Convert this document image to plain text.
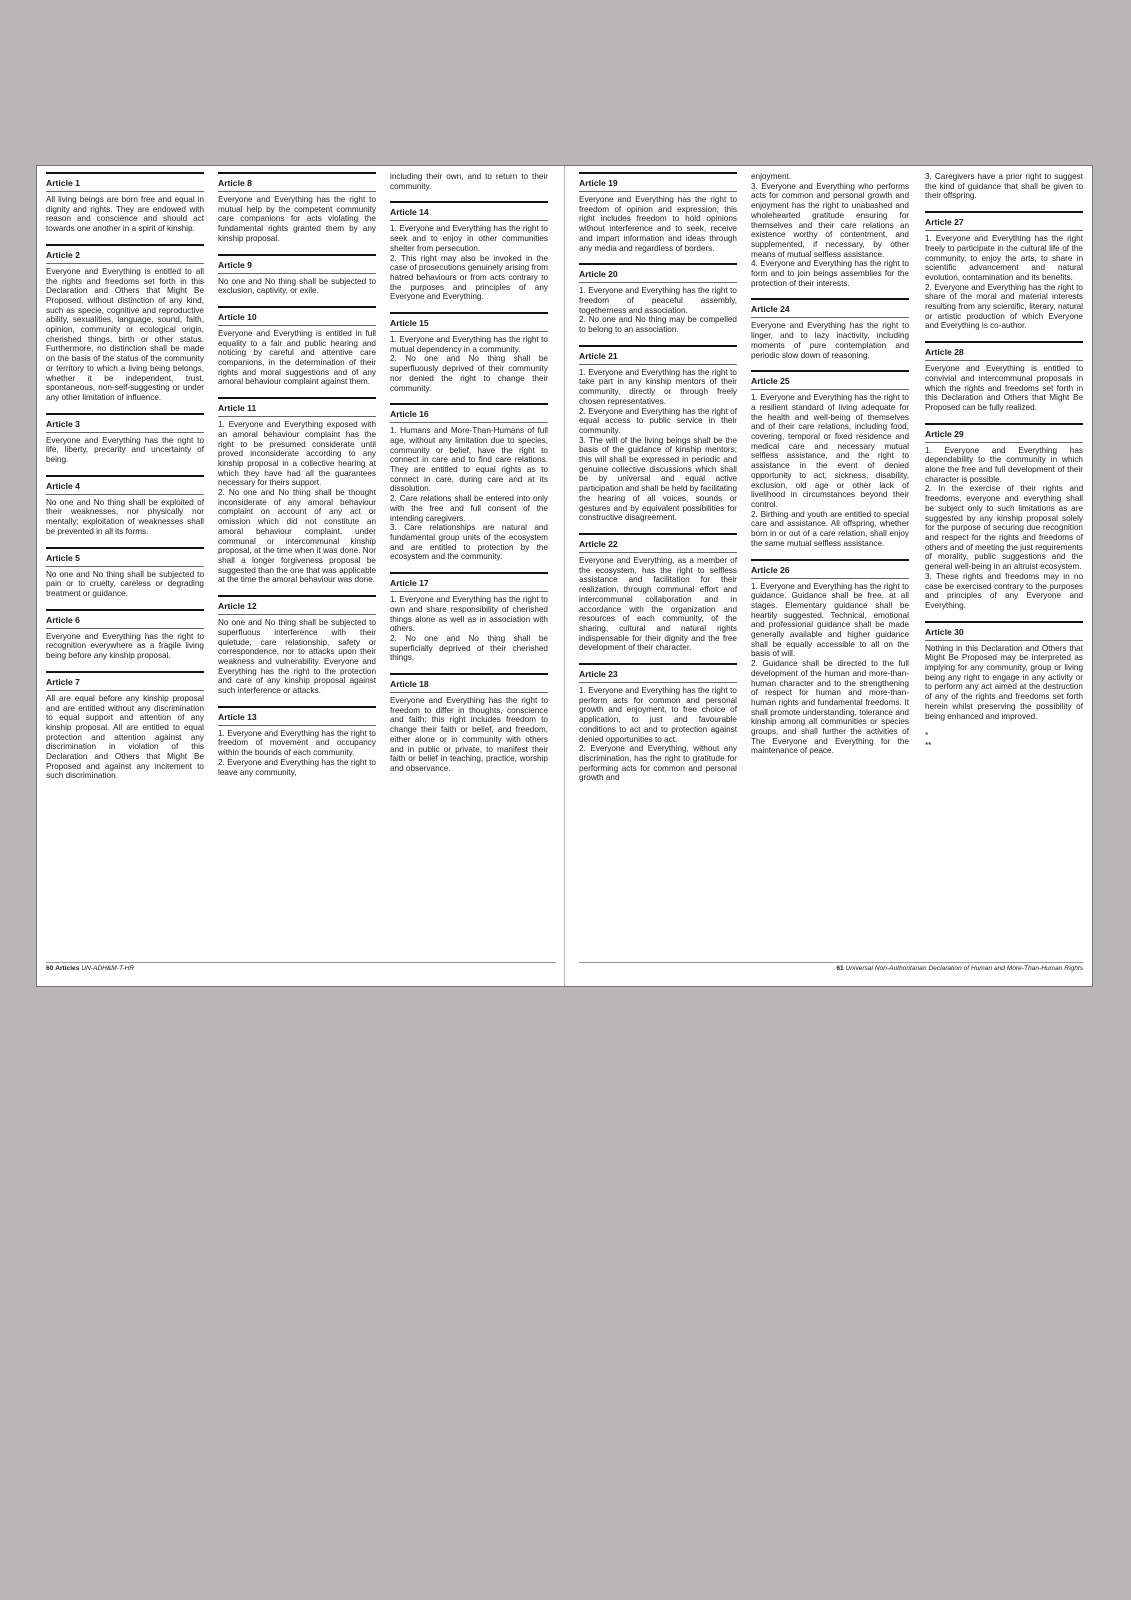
Article 1

All living beings are born free and equal in dignity and rights. They are endowed with reason and conscience and should act towards one another in a spirit of kinship.

Article 2

Everyone and Everything is entitled to all the rights and freedoms set forth in this Declaration and Others that Might Be Proposed, without distinction of any kind, such as specie, cognitive and reproductive ability, sexualities, language, sound, faith, opinion, community or ecological origin, cherished things, birth or other status. Furthermore, no distinction shall be made on the basis of the status of the community or territory to which a living being belongs, whether it be independent, trust, spontaneous, non-self-suggesting or under any other limitation of influence.

Article 3

Everyone and Everything has the right to life, liberty, precarity and uncertainty of being.

Article 4

No one and No thing shall be exploited of their weaknesses, nor physically nor mentally; exploitation of weaknesses shall be prevented in all its forms.

Article 5

No one and No thing shall be subjected to pain or to cruelty, careless or degrading treatment or guidance.

Article 6

Everyone and Everything has the right to recognition everywhere as a fragile living being before any kinship proposal.

Article 7

All are equal before any kinship proposal and are entitled without any discrimination to equal support and attention of any kinship proposal. All are entitled to equal protection and attention against any discrimination in violation of this Declaration and Others that Might Be Proposed and against any incitement to such discrimination.

Article 8

Everyone and Everything has the right to mutual help by the competent community care companions for acts violating the fundamental rights granted them by any kinship proposal.

Article 9

No one and No thing shall be subjected to exclusion, captivity, or exile.

Article 10

Everyone and Everything is entitled in full equality to a fair and public hearing and noticing by careful and attentive care companions, in the determination of their rights and moral suggestions and of any amoral behaviour complaint against them.

Article 11

1. Everyone and Everything exposed with an amoral behaviour complaint has the right to be presumed considerate until proved inconsiderate according to any kinship proposal in a collective hearing at which they have had all the guarantees necessary for theirs support.
2. No one and No thing shall be thought inconsiderate of any amoral behaviour complaint on account of any act or omission which did not constitute an amoral behaviour complaint, under communal or intercommunal kinship proposal, at the time when it was done. Nor shall a longer forgiveness proposal be suggested than the one that was applicable at the time the amoral behaviour was done.

Article 12

No one and No thing shall be subjected to superfluous interference with their quietude, care relationship, safety or correspondence, nor to attacks upon their weakness and vulnerability. Everyone and Everything has the right to the protection and care of any kinship proposal against such interference or attacks.

Article 13

1. Everyone and Everything has the right to freedom of movement and occupancy within the bounds of each community.
2. Everyone and Everything has the right to leave any community,

including their own, and to return to their community.

Article 14

1. Everyone and Everything has the right to seek and to enjoy in other communities shelter from persecution.
2. This right may also be invoked in the case of prosecutions genuinely arising from hatred behaviours or from acts contrary to the purposes and principles of any Everyone and Everything.

Article 15

1. Everyone and Everything has the right to mutual dependency in a community.
2. No one and No thing shall be superfluously deprived of their community nor denied the right to change their community.

Article 16

1. Humans and More-Than-Humans of full age, without any limitation due to species, community or belief, have the right to connect in care and to find care relations. They are entitled to equal rights as to connect in care, during care and at its dissolution.
2. Care relations shall be entered into only with the free and full consent of the intending caregivers.
3. Care relationships are natural and fundamental group units of the ecosystem and are entitled to protection by the ecosystem and the community.

Article 17

1. Everyone and Everything has the right to own and share responsibility of cherished things alone as well as in association with others.
2. No one and No thing shall be superficially deprived of their cherished things.

Article 18

Everyone and Everything has the right to freedom to differ in thoughts, conscience and faith; this right includes freedom to change their faith or belief, and freedom, either alone or in community with others and in public or private, to manifest their faith or belief in teaching, practice, worship and observance.

60 Articles UN-ADH&M-T-HR
Article 19

Everyone and Everything has the right to freedom of opinion and expression; this right includes freedom to hold opinions without interference and to seek, receive and impart information and ideas through any media and regardless of borders.

Article 20

1. Everyone and Everything has the right to freedom of peaceful assembly, togetherness and association.
2. No one and No thing may be compelled to belong to an association.

Article 21

1. Everyone and Everything has the right to take part in any kinship mentors of their community, directly or through freely chosen representatives.
2. Everyone and Everything has the right of equal access to public service in their community.
3. The will of the living beings shall be the basis of the guidance of kinship mentors; this will shall be expressed in periodic and genuine collective discussions which shall be by universal and equal active participation and shall be held by facilitating the hearing of all voices, sounds or gestures and by equivalent possibilities for constructive disagreement.

Article 22

Everyone and Everything, as a member of the ecosystem, has the right to selfless assistance and facilitation for their realization, through communal effort and intercommunal collaboration and in accordance with the organization and resources of each community, of the sharing, cultural and natural rights indispensable for their dignity and the free development of their character.

Article 23

1. Everyone and Everything has the right to perform acts for common and personal growth and enjoyment, to free choice of application, to just and favourable conditions to act and to protection against denied opportunities to act.
2. Everyone and Everything, without any discrimination, has the right to gratitude for performing acts for common and personal growth and

enjoyment.
3. Everyone and Everything who performs acts for common and personal growth and enjoyment has the right to unabashed and wholehearted gratitude ensuring for themselves and their care relations an existence worthy of contentment, and supplemented, if necessary, by other means of mutual selfless assistance.
4. Everyone and Everything has the right to form and to join beings assemblies for the protection of their interests.

Article 24

Everyone and Everything has the right to linger, and to lazy inactivity, including moments of pure contemplation and periodic slow down of reasoning.

Article 25

1. Everyone and Everything has the right to a resilient standard of living adequate for the health and well-being of themselves and of their care relations, including food, covering, temporal or fixed residence and medical care and necessary mutual selfless assistance, and the right to assistance in the event of denied opportunity to act, sickness, disability, exclusion, old age or other lack of livelihood in circumstances beyond their control.
2. Birthing and youth are entitled to special care and assistance. All offspring, whether born in or out of a care relation, shall enjoy the same mutual selfless assistance.

Article 26

1. Everyone and Everything has the right to guidance. Guidance shall be free, at all stages. Elementary guidance shall be heartily suggested. Technical, emotional and professional guidance shall be made generally available and higher guidance shall be equally accessible to all on the basis of will.
2. Guidance shall be directed to the full development of the human and more-than-human character and to the strengthening of respect for human and more-than-human rights and fundamental freedoms. It shall promote understanding, tolerance and kinship among all communities or species groups, and shall further the activities of The Everyone and Everything for the maintenance of peace.

3. Caregivers have a prior right to suggest the kind of guidance that shall be given to their offspring.

Article 27

1. Everyone and Everything has the right freely to participate in the cultural life of the community, to enjoy the arts, to share in scientific advancement and natural evolution, contamination and its benefits.
2. Everyone and Everything has the right to share of the moral and material interests resulting from any scientific, literary, natural or artistic production of which Everyone and Everything is co-author.

Article 28

Everyone and Everything is entitled to convivial and intercommunal proposals in which the rights and freedoms set forth in this Declaration and Others that Might Be Proposed can be fully realized.

Article 29

1. Everyone and Everything has dependability to the community in which alone the free and full development of their character is possible.
2. In the exercise of their rights and freedoms, everyone and everything shall be subject only to such limitations as are suggested by any kinship proposal solely for the purpose of securing due recognition and respect for the rights and freedoms of others and of meeting the just requirements of morality, public suggestions and the general well-being in an altruist ecosystem.
3. These rights and freedoms may in no case be exercised contrary to the purposes and principles of any Everyone and Everything.

Article 30

Nothing in this Declaration and Others that Might Be Proposed may be interpreted as implying for any community, group or living being any right to engage in any activity or to perform any act aimed at the destruction of any of the rights and freedoms set forth herein whilst preserving the possibility of being enhanced and improved.

*
**
61 Universal Non-Authoritarian Declaration of Human and More-Than-Human Rights
